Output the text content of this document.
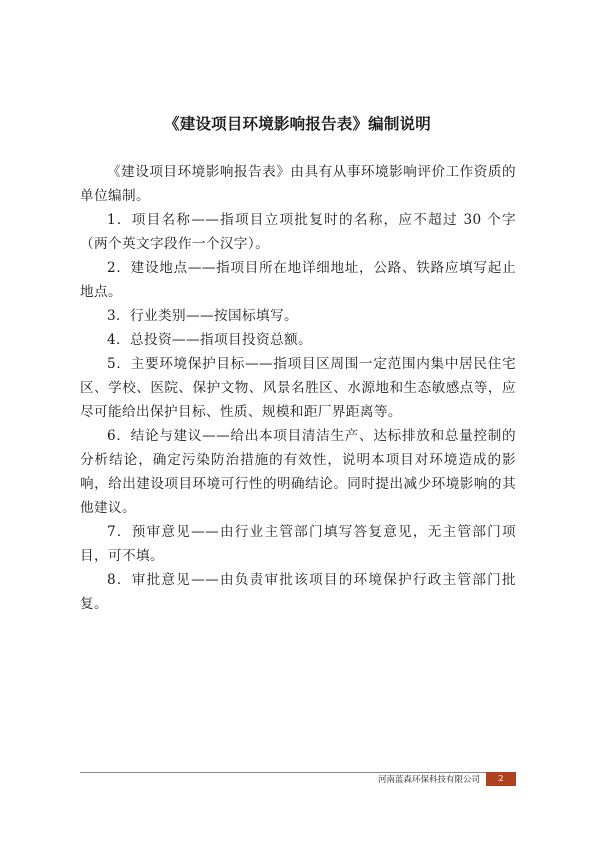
《建设项目环境影响报告表》编制说明

《建设项目环境影响报告表》由具有从事环境影响评价工作资质的单位编制。

1．项目名称——指项目立项批复时的名称，应不超过 30 个字（两个英文字段作一个汉字）。

2．建设地点——指项目所在地详细地址，公路、铁路应填写起止地点。

3．行业类别——按国标填写。

4．总投资——指项目投资总额。

5．主要环境保护目标——指项目区周围一定范围内集中居民住宅区、学校、医院、保护文物、风景名胜区、水源地和生态敏感点等，应尽可能给出保护目标、性质、规模和距厂界距离等。

6．结论与建议——给出本项目清洁生产、达标排放和总量控制的分析结论，确定污染防治措施的有效性，说明本项目对环境造成的影响，给出建设项目环境可行性的明确结论。同时提出减少环境影响的其他建议。

7．预审意见——由行业主管部门填写答复意见，无主管部门项目，可不填。

8．审批意见——由负责审批该项目的环境保护行政主管部门批复。

河南蓝森环保科技有限公司	2
